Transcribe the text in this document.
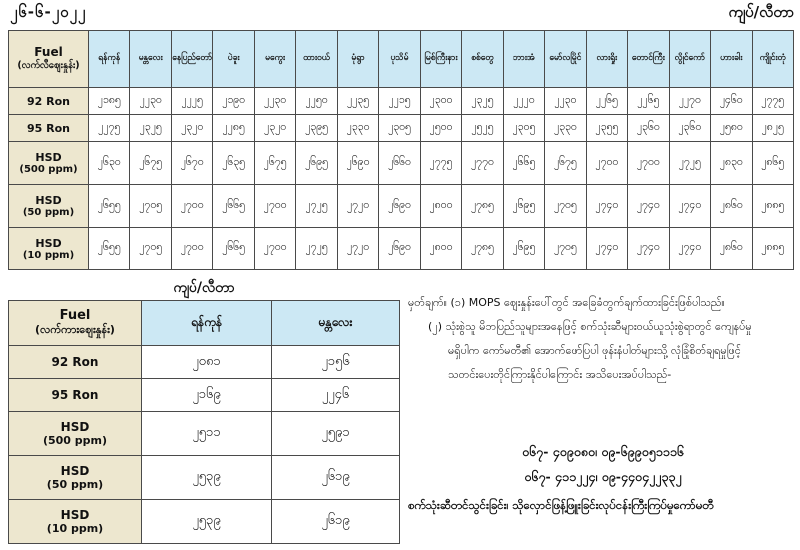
၂၆-၆-၂၀၂၂	ကျပ်/လီတာ
Fuel
(လက်လီဈေးနှုန်း)	ရန်ကုန်	မန္တလေး	နေပြည်တော်	ပဲခူး	မကွေး	ထားဝယ်	မုံရွာ	ပုသိမ်	မြစ်ကြီးနား	စစ်တွေ	ဘားအံ	မော်လမြိုင်	လားရှိုး	တောင်ကြီး	လွိုင်ကော်	ဟားခါး	ကျိုင်းတုံ

92 Ron	၂၁၈၅	၂၂၃၀	၂၂၂၅	၂၁၉၀	၂၂၃၀	၂၂၅၀	၂၂၃၅	၂၂၁၅	၂၃၀၀	၂၃၂၅	၂၂၂၀	၂၂၃၀	၂၂၆၅	၂၂၆၅	၂၂၇၀	၂၄၆၀	၂၇၇၅

95 Ron	၂၂၇၅	၂၃၂၅	၂၃၂၀	၂၂၈၅	၂၃၂၀	၂၃၉၅	၂၃၃၀	၂၃၀၅	၂၅၀၀	၂၅၂၅	၂၃၀၅	၂၃၃၀	၂၃၅၅	၂၃၆၀	၂၃၆၀	၂၅၈၀	၂၈၂၅

HSD
(500 ppm)	၂၆၃၀	၂၆၇၅	၂၆၇၀	၂၆၃၅	၂၆၇၅	၂၆၉၅	၂၆၉၀	၂၆၆၀	၂၇၇၅	၂၇၇၀	၂၆၆၅	၂၆၇၅	၂၇၀၀	၂၇၀၀	၂၇၂၅	၂၈၃၀	၂၈၆၅

HSD
(50 ppm)	၂၆၅၅	၂၇၀၅	၂၇၀၀	၂၆၆၅	၂၇၀၀	၂၇၂၅	၂၇၂၀	၂၆၉၀	၂၈၀၀	၂၇၈၅	၂၆၉၅	၂၇၀၅	၂၇၄၀	၂၇၄၀	၂၇၄၀	၂၈၆၀	၂၈၈၅

HSD
(10 ppm)	၂၆၅၅	၂၇၀၅	၂၇၀၀	၂၆၆၅	၂၇၀၀	၂၇၂၅	၂၇၂၀	၂၆၉၀	၂၈၀၀	၂၇၈၅	၂၆၉၅	၂၇၀၅	၂၇၄၀	၂၇၄၀	၂၇၄၀	၂၈၆၀	၂၈၈၅
ကျပ်/လီတာ
Fuel
(လက်ကားဈေးနှုန်း)	ရန်ကုန်	မန္တလေး

92 Ron	၂၀၈၁	၂၁၅၆

95 Ron	၂၁၆၉	၂၂၄၆

HSD
(500 ppm)	၂၅၁၁	၂၅၉၁

HSD
(50 ppm)	၂၅၃၉	၂၆၁၉

HSD
(10 ppm)	၂၅၃၉	၂၆၁၉
မှတ်ချက်။ (၁) MOPS ဈေးနှုန်းပေါ်တွင် အခြေခံတွက်ချက်ထားခြင်းဖြစ်ပါသည်။
(၂) သုံးစွဲသူ မိဘပြည်သူများအနေဖြင့် စက်သုံးဆီများဝယ်ယူသုံးစွဲရာတွင် ကျေနပ်မှု
မရှိပါက ကော်မတီ၏ အောက်ဖော်ပြပါ ဖုန်းနံပါတ်များသို့ လုံခြုံစိတ်ချရမှုဖြင့်
သတင်းပေးတိုင်ကြားနိုင်ပါကြောင်း အသိပေးအပ်ပါသည်-
ဝ၆၇- ၄၀၉၀၈၀၊ ဝ၉-၆၉၉၀၅၁၁၁၆
ဝ၆၇- ၄၁၁၂၂၄၊ ဝ၉-၄၄၀၄၂၂၃၃၂
စက်သုံးဆီတင်သွင်းခြင်း၊ သိုလှောင်ဖြန့်ဖြူးခြင်းလုပ်ငန်းကြီးကြပ်မှုကော်မတီ
